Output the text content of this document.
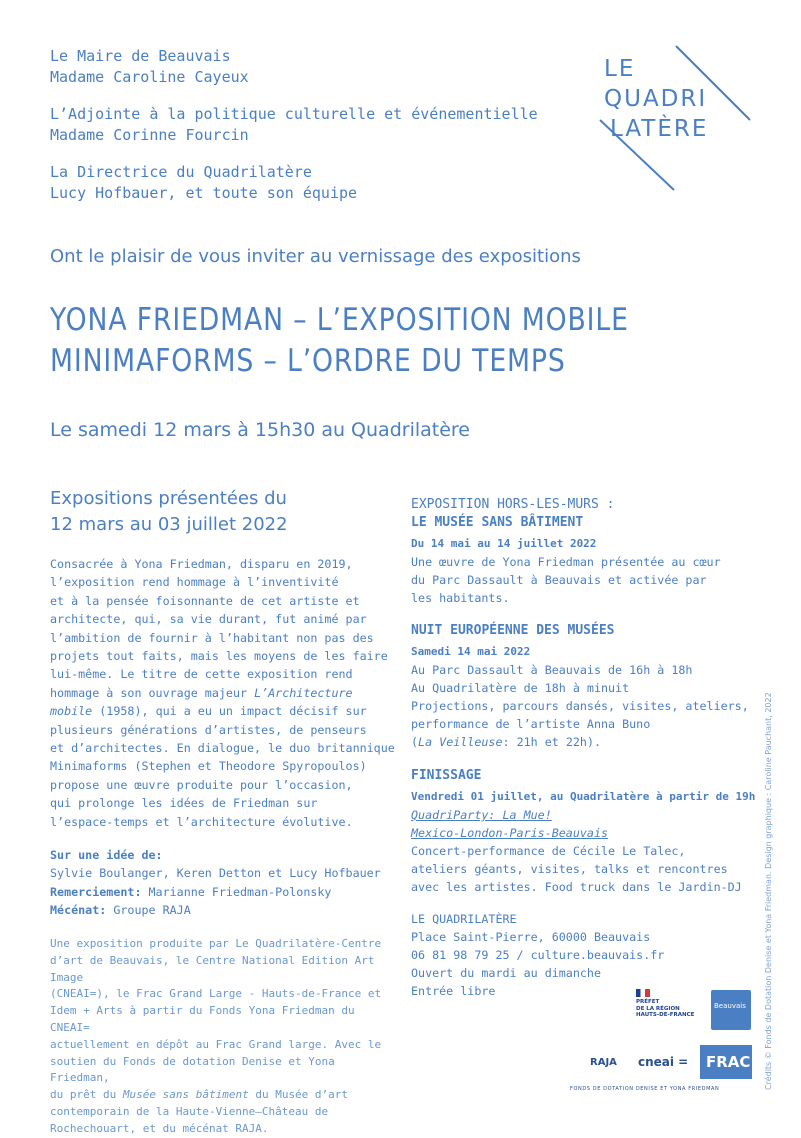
LE
QUADRI
LATÈRE

Le Maire de Beauvais
Madame Caroline Cayeux

L’Adjointe à la politique culturelle et événementielle
Madame Corinne Fourcin

La Directrice du Quadrilatère
Lucy Hofbauer, et toute son équipe

Ont le plaisir de vous inviter au vernissage des expositions
YONA FRIEDMAN – L’EXPOSITION MOBILE
MINIMAFORMS – L’ORDRE DU TEMPS
Le samedi 12 mars à 15h30 au Quadrilatère
Expositions présentées du
12 mars au 03 juillet 2022
Consacrée à Yona Friedman, disparu en 2019,
l’exposition rend hommage à l’inventivité
et à la pensée foisonnante de cet artiste et
architecte, qui, sa vie durant, fut animé par
l’ambition de fournir à l’habitant non pas des
projets tout faits, mais les moyens de les faire
lui-même. Le titre de cette exposition rend
hommage à son ouvrage majeur L’Architecture
mobile (1958), qui a eu un impact décisif sur
plusieurs générations d’artistes, de penseurs
et d’architectes. En dialogue, le duo britannique
Minimaforms (Stephen et Theodore Spyropoulos)
propose une œuvre produite pour l’occasion,
qui prolonge les idées de Friedman sur
l’espace-temps et l’architecture évolutive.
Sur une idée de:
Sylvie Boulanger, Keren Detton et Lucy Hofbauer
Remerciement: Marianne Friedman-Polonsky
Mécénat: Groupe RAJA
Une exposition produite par Le Quadrilatère-Centre
d’art de Beauvais, le Centre National Edition Art Image
(CNEAI=), le Frac Grand Large - Hauts-de-France et
Idem + Arts à partir du Fonds Yona Friedman du CNEAI=
actuellement en dépôt au Frac Grand large. Avec le
soutien du Fonds de dotation Denise et Yona Friedman,
du prêt du Musée sans bâtiment du Musée d’art
contemporain de la Haute-Vienne–Château de
Rochechouart, et du mécénat RAJA.
EXPOSITION HORS-LES-MURS :
LE MUSÉE SANS BÂTIMENT
Du 14 mai au 14 juillet 2022
Une œuvre de Yona Friedman présentée au cœur
du Parc Dassault à Beauvais et activée par
les habitants.
NUIT EUROPÉENNE DES MUSÉES
Samedi 14 mai 2022
Au Parc Dassault à Beauvais de 16h à 18h
Au Quadrilatère de 18h à minuit
Projections, parcours dansés, visites, ateliers,
performance de l’artiste Anna Buno
(La Veilleuse: 21h et 22h).
FINISSAGE
Vendredi 01 juillet, au Quadrilatère à partir de 19h
QuadriParty: La Mue!
Mexico-London-Paris-Beauvais
Concert-performance de Cécile Le Talec,
ateliers géants, visites, talks et rencontres
avec les artistes. Food truck dans le Jardin-DJ
LE QUADRILATÈRE
Place Saint-Pierre, 60000 Beauvais
06 81 98 79 25 / culture.beauvais.fr
Ouvert du mardi au dimanche
Entrée libre
PRÉFET
DE LA RÉGION
HAUTS-DE-FRANCE
Beauvais
RAJA cneai = FRAC
FONDS DE DOTATION DENISE ET YONA FRIEDMAN	Crédits © Fonds de Dotation Denise et Yona Friedman. Design graphique : Caroline Pauchant, 2022
